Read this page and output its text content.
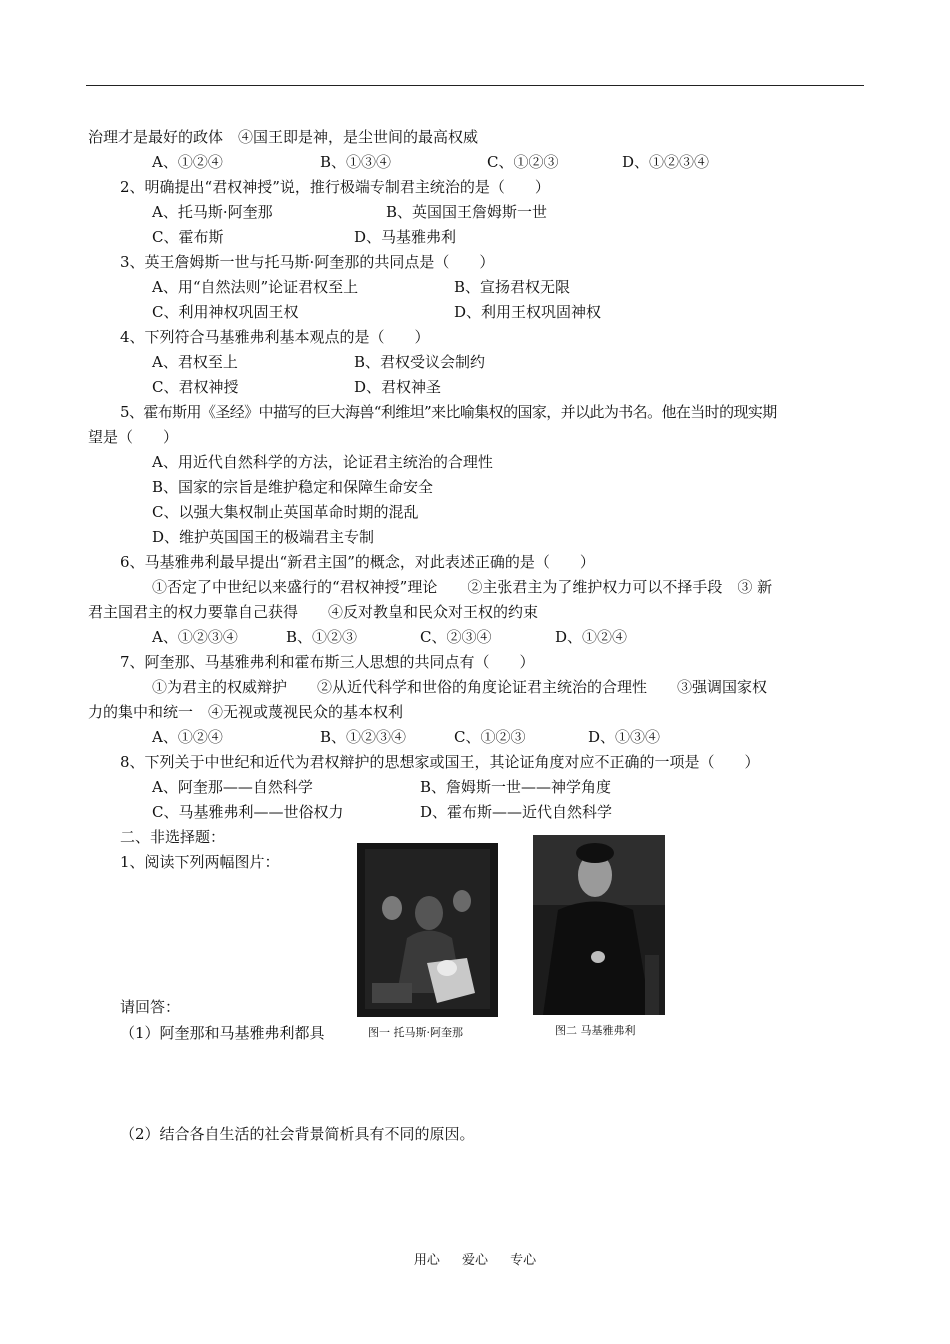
治理才是最好的政体　④国王即是神，是尘世间的最高权威
A、①②④	B、①③④	C、①②③	D、①②③④
2、明确提出“君权神授”说，推行极端专制君主统治的是（　　）
A、托马斯·阿奎那	B、英国国王詹姆斯一世
C、霍布斯	D、马基雅弗利
3、英王詹姆斯一世与托马斯·阿奎那的共同点是（　　）
A、用“自然法则”论证君权至上	B、宣扬君权无限
C、利用神权巩固王权	D、利用王权巩固神权
4、下列符合马基雅弗利基本观点的是（　　）
A、君权至上	B、君权受议会制约
C、君权神授	D、君权神圣
5、霍布斯用《圣经》中描写的巨大海兽“利维坦”来比喻集权的国家，并以此为书名。他在当时的现实期
望是（　　）
A、用近代自然科学的方法，论证君主统治的合理性
B、国家的宗旨是维护稳定和保障生命安全
C、以强大集权制止英国革命时期的混乱
D、维护英国国王的极端君主专制
6、马基雅弗利最早提出“新君主国”的概念，对此表述正确的是（　　）
①否定了中世纪以来盛行的“君权神授”理论　　②主张君主为了维护权力可以不择手段　③ 新
君主国君主的权力要靠自己获得　　④反对教皇和民众对王权的约束
A、①②③④	B、①②③	C、②③④	D、①②④
7、阿奎那、马基雅弗利和霍布斯三人思想的共同点有（　　）
①为君主的权威辩护　　②从近代科学和世俗的角度论证君主统治的合理性　　③强调国家权
力的集中和统一　④无视或蔑视民众的基本权利
A、①②④	B、①②③④	C、①②③	D、①③④
8、下列关于中世纪和近代为君权辩护的思想家或国王，其论证角度对应不正确的一项是（　　）
A、阿奎那——自然科学	B、詹姆斯一世——神学角度
C、马基雅弗利——世俗权力	D、霍布斯——近代自然科学
二、非选择题：
1、阅读下列两幅图片：
图一 托马斯·阿奎那	图二 马基雅弗利
请回答：
（1）阿奎那和马基雅弗利都具
（2）结合各自生活的社会背景简析具有不同的原因。
用心 爱心 专心
